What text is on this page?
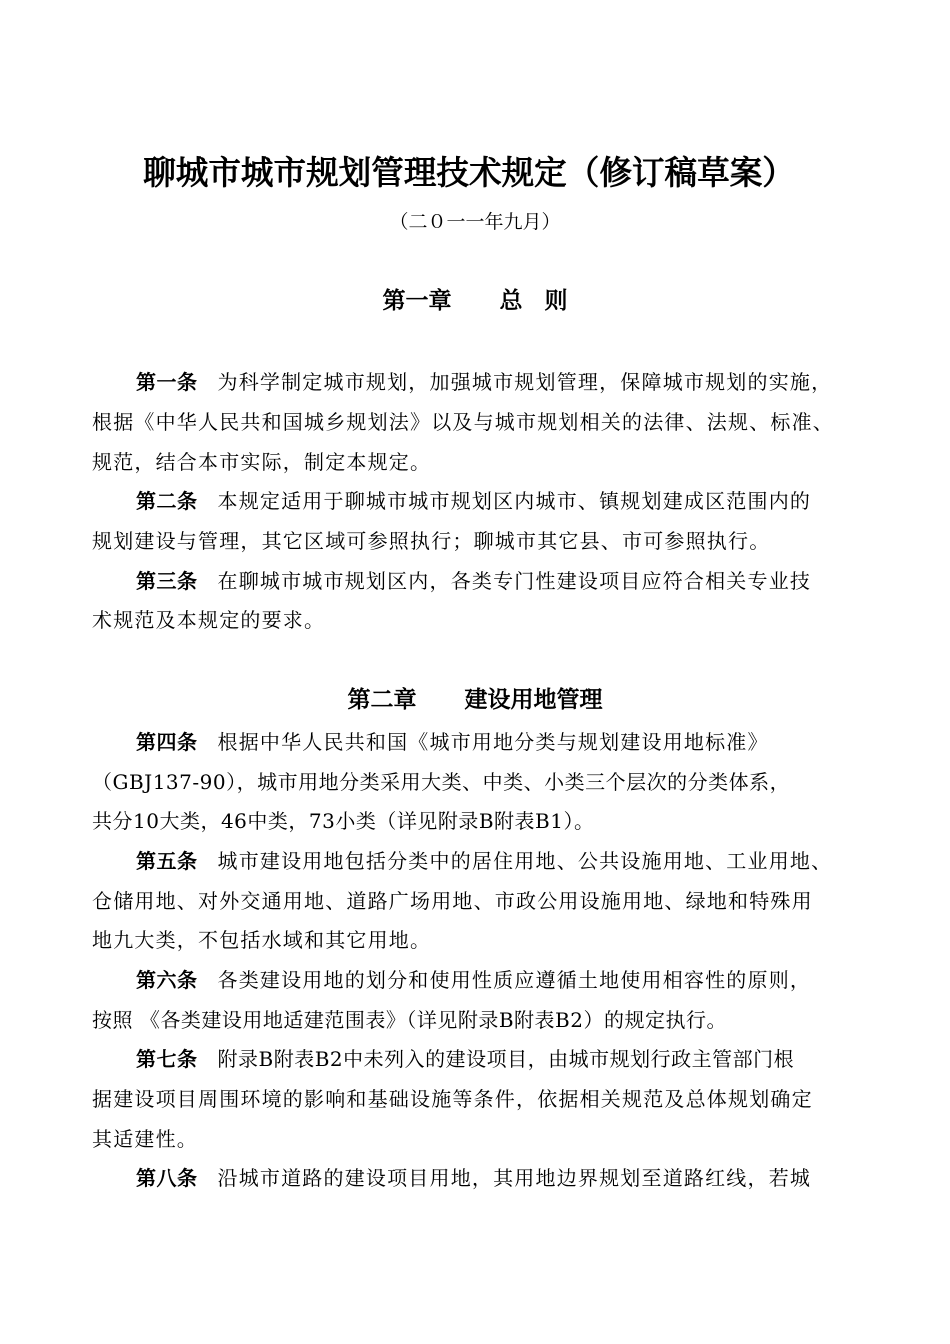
聊城市城市规划管理技术规定（修订稿草案）
（二０一一年九月）
第一章 总则
第一条 为科学制定城市规划，加强城市规划管理，保障城市规划的实施，
根据《中华人民共和国城乡规划法》以及与城市规划相关的法律、法规、标准、
规范，结合本市实际，制定本规定。
第二条 本规定适用于聊城市城市规划区内城市、镇规划建成区范围内的
规划建设与管理，其它区域可参照执行；聊城市其它县、市可参照执行。
第三条 在聊城市城市规划区内，各类专门性建设项目应符合相关专业技
术规范及本规定的要求。
第二章 建设用地管理
第四条 根据中华人民共和国《城市用地分类与规划建设用地标准》
（GBJ137-90），城市用地分类采用大类、中类、小类三个层次的分类体系，
共分10大类，46中类，73小类（详见附录B附表B1）。
第五条 城市建设用地包括分类中的居住用地、公共设施用地、工业用地、
仓储用地、对外交通用地、道路广场用地、市政公用设施用地、绿地和特殊用
地九大类，不包括水域和其它用地。
第六条 各类建设用地的划分和使用性质应遵循土地使用相容性的原则，
按照 《各类建设用地适建范围表》（详见附录B附表B2）的规定执行。
第七条 附录B附表B2中未列入的建设项目，由城市规划行政主管部门根
据建设项目周围环境的影响和基础设施等条件，依据相关规范及总体规划确定
其适建性。
第八条 沿城市道路的建设项目用地，其用地边界规划至道路红线，若城
